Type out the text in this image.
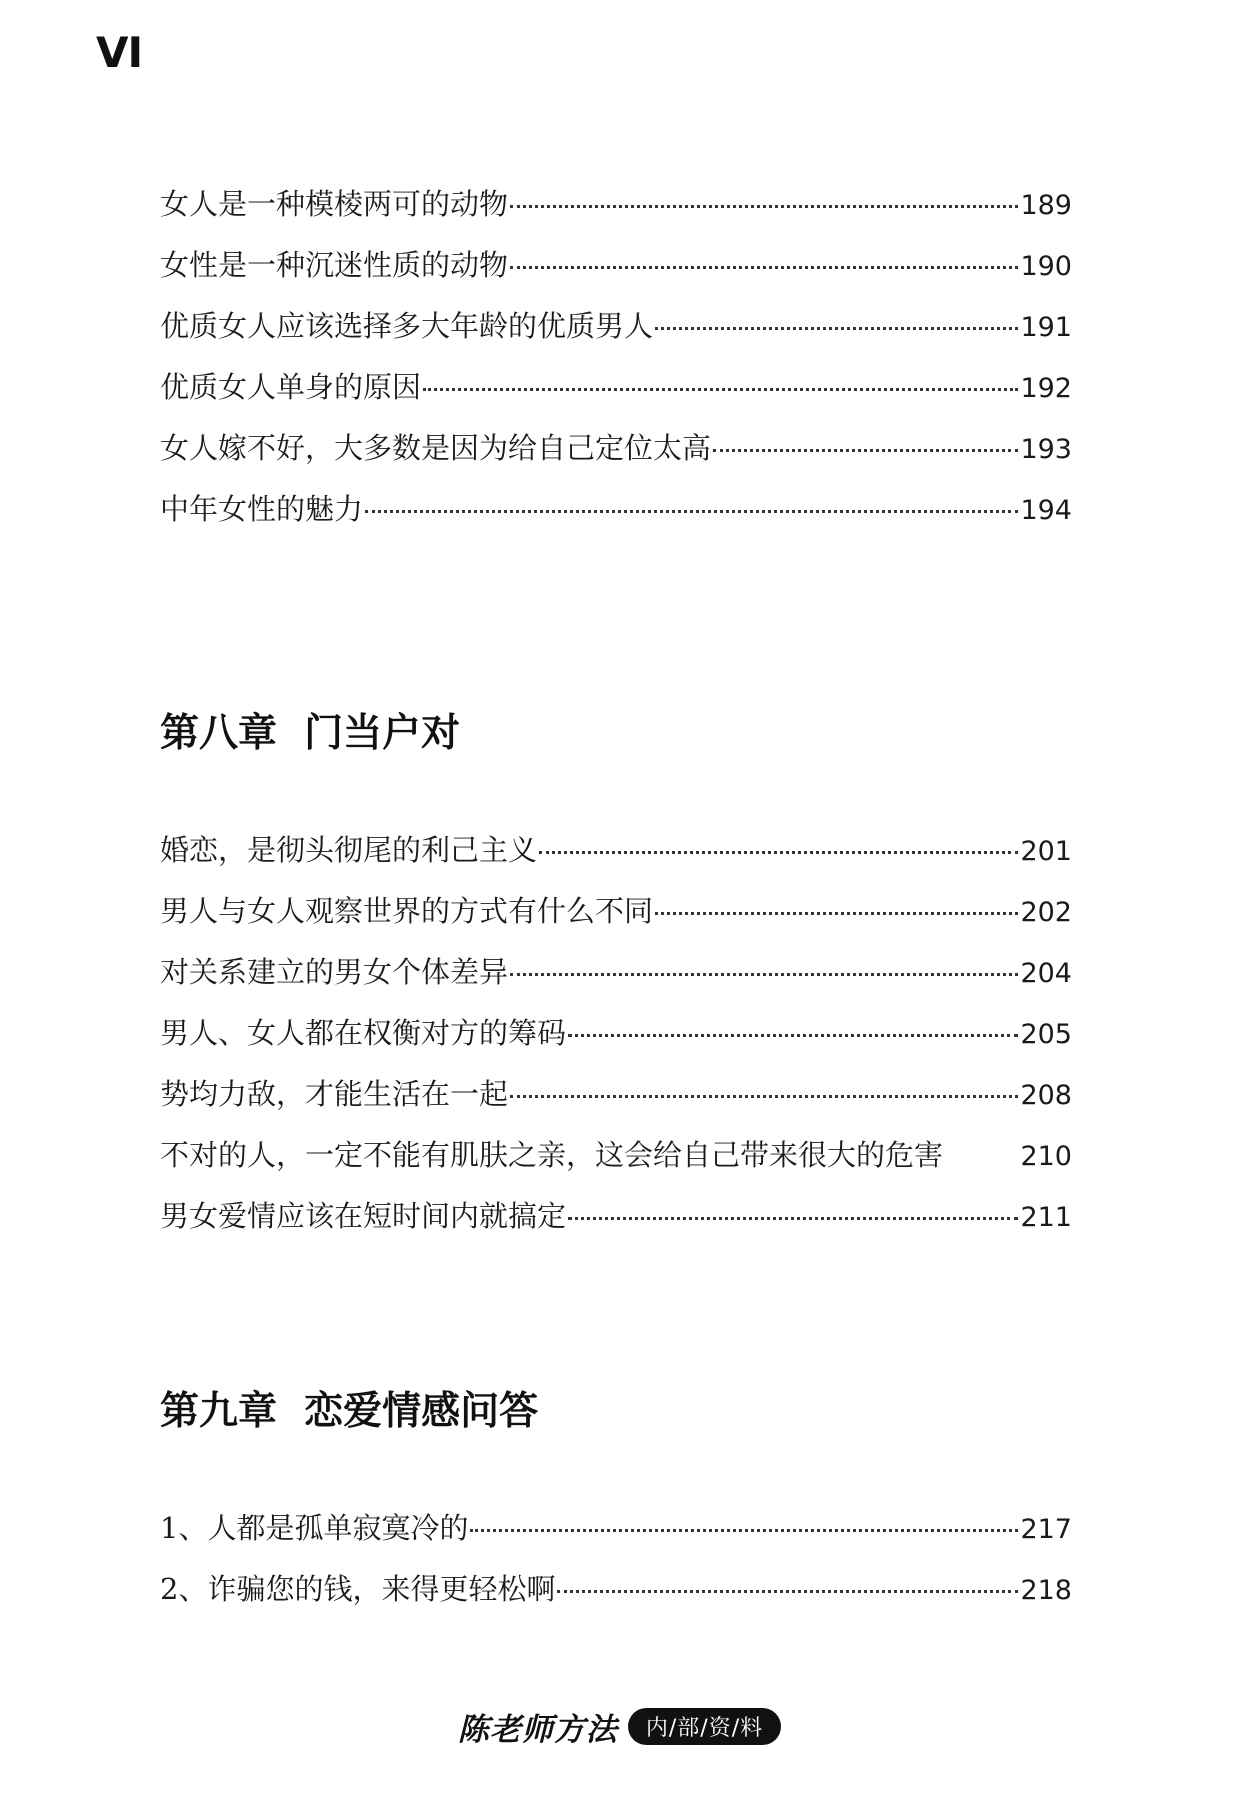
VI
女人是一种模棱两可的动物	189
女性是一种沉迷性质的动物	190
优质女人应该选择多大年龄的优质男人	191
优质女人单身的原因	192
女人嫁不好，大多数是因为给自己定位太高	193
中年女性的魅力	194
第八章  门当户对
婚恋，是彻头彻尾的利己主义	201
男人与女人观察世界的方式有什么不同	202
对关系建立的男女个体差异	204
男人、女人都在权衡对方的筹码	205
势均力敌，才能生活在一起	208
不对的人，一定不能有肌肤之亲，这会给自己带来很大的危害	210
男女爱情应该在短时间内就搞定	211
第九章  恋爱情感问答
1、人都是孤单寂寞冷的	217
2、诈骗您的钱，来得更轻松啊	218
陈老师方法	内/部/资/料
